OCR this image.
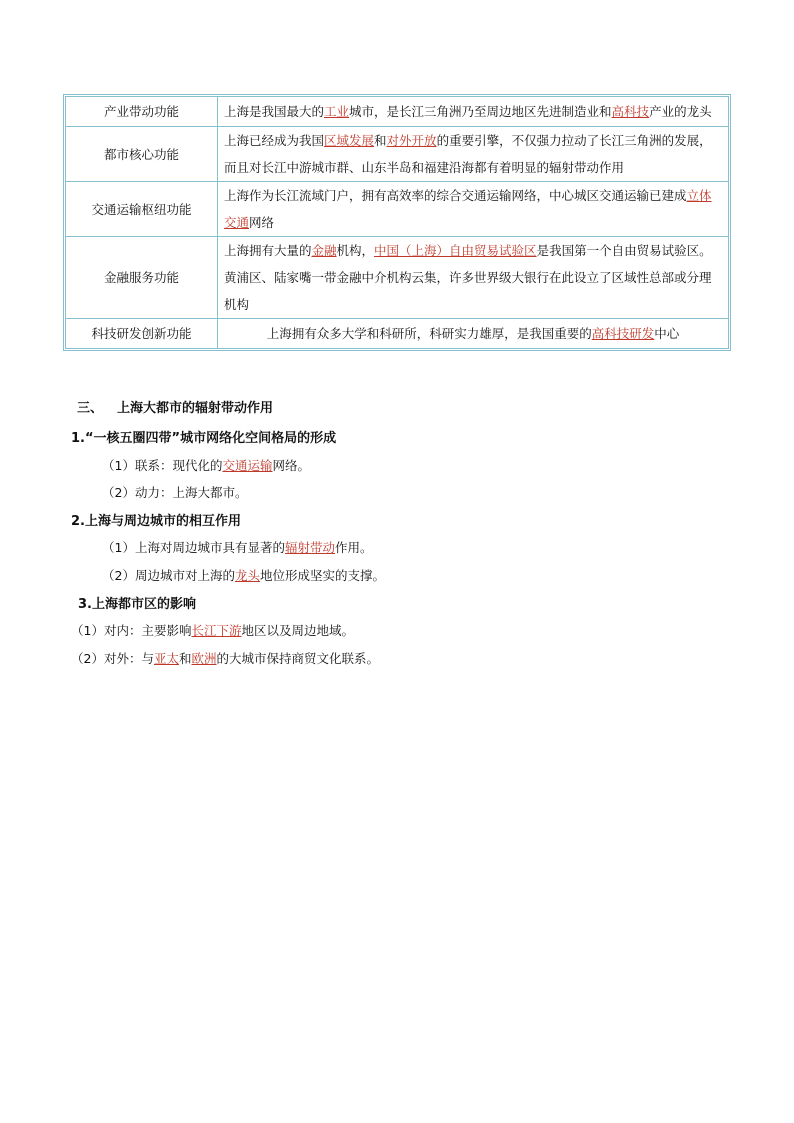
产业带动功能	上海是我国最大的工业城市，是长江三角洲乃至周边地区先进制造业和高科技产业的龙头
都市核心功能	上海已经成为我国区域发展和对外开放的重要引擎，不仅强力拉动了长江三角洲的发展，而且对长江中游城市群、山东半岛和福建沿海都有着明显的辐射带动作用
交通运输枢纽功能	上海作为长江流域门户，拥有高效率的综合交通运输网络，中心城区交通运输已建成立体交通网络
金融服务功能	上海拥有大量的金融机构，中国（上海）自由贸易试验区是我国第一个自由贸易试验区。黄浦区、陆家嘴一带金融中介机构云集，许多世界级大银行在此设立了区域性总部或分理机构
科技研发创新功能	上海拥有众多大学和科研所，科研实力雄厚，是我国重要的高科技研发中心
三、 上海大都市的辐射带动作用
1.“一核五圈四带”城市网络化空间格局的形成
（1）联系：现代化的交通运输网络。
（2）动力：上海大都市。
2.上海与周边城市的相互作用
（1）上海对周边城市具有显著的辐射带动作用。
（2）周边城市对上海的龙头地位形成坚实的支撑。
3.上海都市区的影响
（1）对内：主要影响长江下游地区以及周边地域。
（2）对外：与亚太和欧洲的大城市保持商贸文化联系。
